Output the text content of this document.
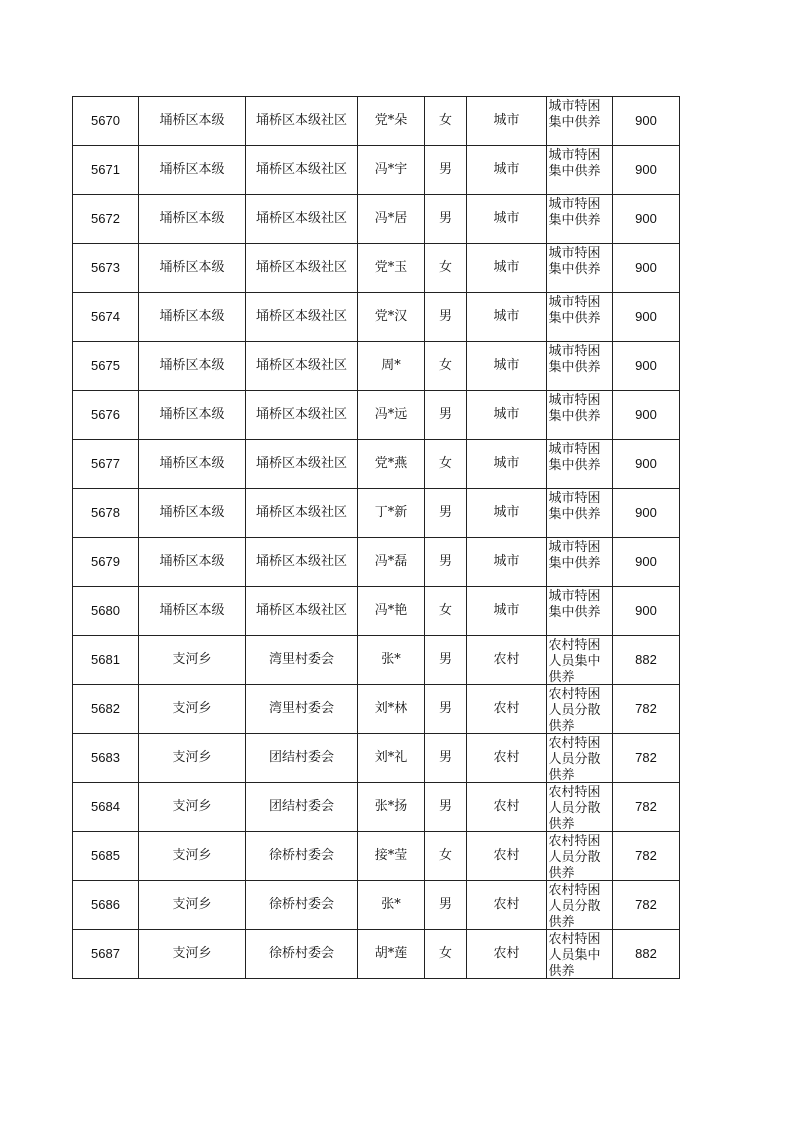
5670	埇桥区本级	埇桥区本级社区	党*朵	女	城市	城市特困集中供养	900
5671	埇桥区本级	埇桥区本级社区	冯*宇	男	城市	城市特困集中供养	900
5672	埇桥区本级	埇桥区本级社区	冯*居	男	城市	城市特困集中供养	900
5673	埇桥区本级	埇桥区本级社区	党*玉	女	城市	城市特困集中供养	900
5674	埇桥区本级	埇桥区本级社区	党*汉	男	城市	城市特困集中供养	900
5675	埇桥区本级	埇桥区本级社区	周*	女	城市	城市特困集中供养	900
5676	埇桥区本级	埇桥区本级社区	冯*远	男	城市	城市特困集中供养	900
5677	埇桥区本级	埇桥区本级社区	党*燕	女	城市	城市特困集中供养	900
5678	埇桥区本级	埇桥区本级社区	丁*新	男	城市	城市特困集中供养	900
5679	埇桥区本级	埇桥区本级社区	冯*磊	男	城市	城市特困集中供养	900
5680	埇桥区本级	埇桥区本级社区	冯*艳	女	城市	城市特困集中供养	900
5681	支河乡	湾里村委会	张*	男	农村	农村特困人员集中供养	882
5682	支河乡	湾里村委会	刘*林	男	农村	农村特困人员分散供养	782
5683	支河乡	团结村委会	刘*礼	男	农村	农村特困人员分散供养	782
5684	支河乡	团结村委会	张*扬	男	农村	农村特困人员分散供养	782
5685	支河乡	徐桥村委会	接*莹	女	农村	农村特困人员分散供养	782
5686	支河乡	徐桥村委会	张*	男	农村	农村特困人员分散供养	782
5687	支河乡	徐桥村委会	胡*莲	女	农村	农村特困人员集中供养	882
